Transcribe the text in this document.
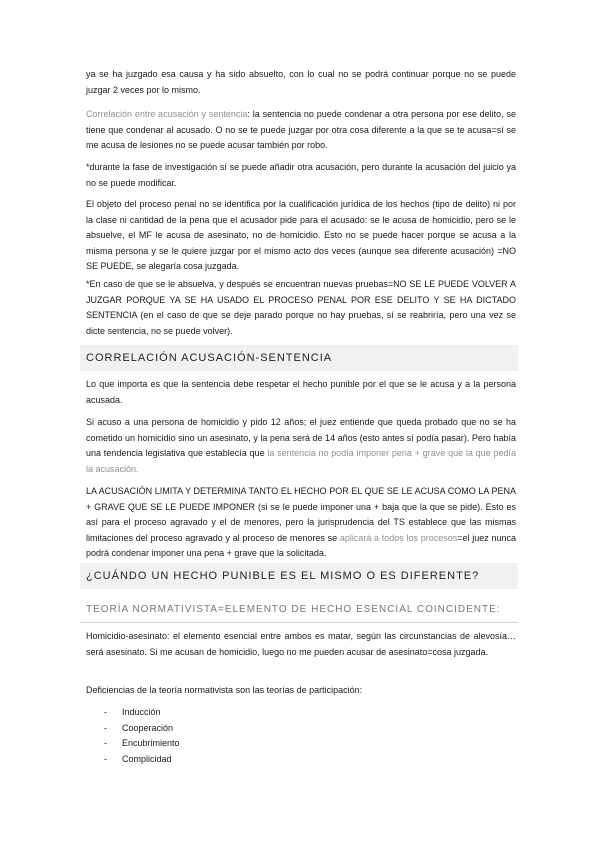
ya se ha juzgado esa causa y ha sido absuelto, con lo cual no se podrá continuar porque no se puede juzgar 2 veces por lo mismo.

Correlación entre acusación y sentencia: la sentencia no puede condenar a otra persona por ese delito, se tiene que condenar al acusado. O no se te puede juzgar por otra cosa diferente a la que se te acusa=sí se me acusa de lesiones no se puede acusar también por robo.

*durante la fase de investigación sí se puede añadir otra acusación, pero durante la acusación del juicio ya no se puede modificar.

El objeto del proceso penal no se identifica por la cualificación jurídica de los hechos (tipo de delito) ni por la clase ni cantidad de la pena que el acusador pide para el acusado: se le acusa de homicidio, pero se le absuelve, el MF le acusa de asesinato, no de homicidio. Esto no se puede hacer porque se acusa a la misma persona y se le quiere juzgar por el mismo acto dos veces (aunque sea diferente acusación) =NO SE PUEDE, se alegaría cosa juzgada.

*En caso de que se le absuelva, y después se encuentran nuevas pruebas=NO SE LE PUEDE VOLVER A JUZGAR PORQUE YA SE HA USADO EL PROCESO PENAL POR ESE DELITO Y SE HA DICTADO SENTENCIA (en el caso de que se deje parado porque no hay pruebas, sí se reabriría, pero una vez se dicte sentencia, no se puede volver).

CORRELACIÓN ACUSACIÓN-SENTENCIA

Lo que importa es que la sentencia debe respetar el hecho punible por el que se le acusa y a la persona acusada.

Si acuso a una persona de homicidio y pido 12 años; el juez entiende que queda probado que no se ha cometido un homicidio sino un asesinato, y la pena será de 14 años (esto antes sí podía pasar). Pero había una tendencia legislativa que establecía que la sentencia no podía imponer pena + grave que la que pedía la acusación.

LA ACUSACIÓN LIMITA Y DETERMINA TANTO EL HECHO POR EL QUE SE LE ACUSA COMO LA PENA + GRAVE QUE SE LE PUEDE IMPONER (si se le puede imponer una + baja que la que se pide). Esto es así para el proceso agravado y el de menores, pero la jurisprudencia del TS establece que las mismas limitaciones del proceso agravado y al proceso de menores se aplicará a todos los procesos=el juez nunca podrá condenar imponer una pena + grave que la solicitada.

¿CUÁNDO UN HECHO PUNIBLE ES EL MISMO O ES DIFERENTE?
TEORÍA NORMATIVISTA=ELEMENTO DE HECHO ESENCIAL COINCIDENTE:

Homicidio-asesinato: el elemento esencial entre ambos es matar, según las circunstancias de alevosía… será asesinato. Si me acusan de homicidio, luego no me pueden acusar de asesinato=cosa juzgada.

Deficiencias de la teoría normativista son las teorías de participación:

-	Inducción
-	Cooperación
-	Encubrimiento
-	Complicidad
